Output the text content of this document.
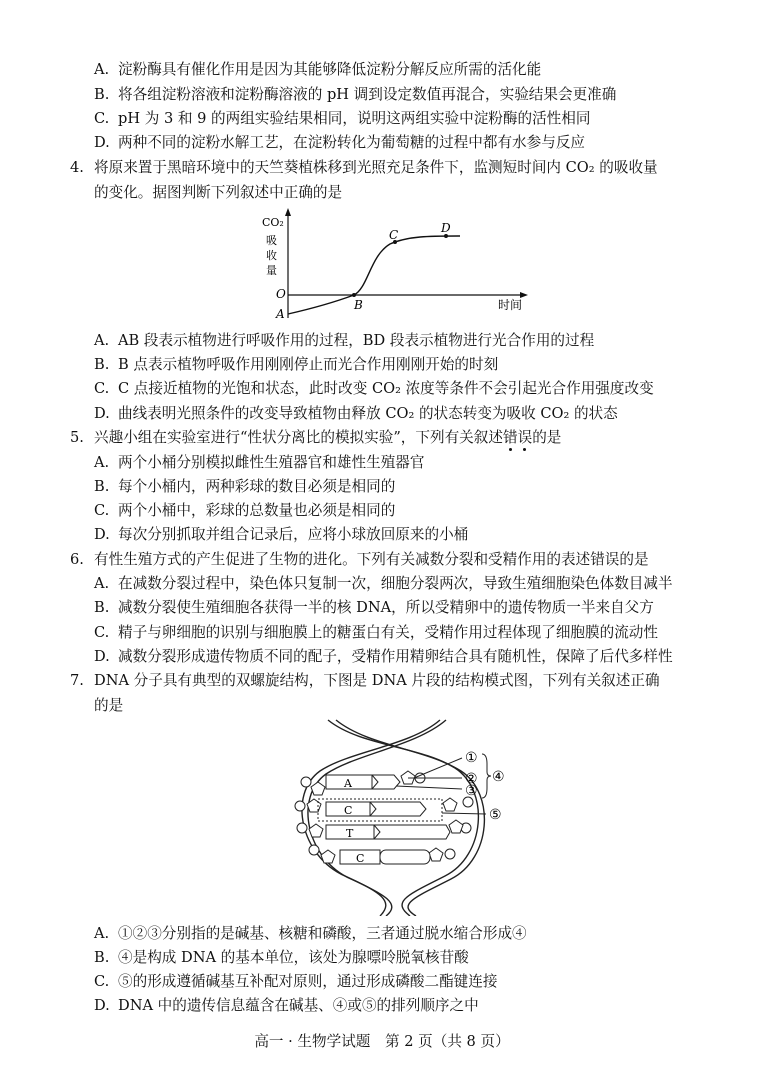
A. 淀粉酶具有催化作用是因为其能够降低淀粉分解反应所需的活化能
B. 将各组淀粉溶液和淀粉酶溶液的 pH 调到设定数值再混合，实验结果会更准确
C. pH 为 3 和 9 的两组实验结果相同，说明这两组实验中淀粉酶的活性相同
D. 两种不同的淀粉水解工艺，在淀粉转化为葡萄糖的过程中都有水参与反应
4. 将原来置于黑暗环境中的天竺葵植株移到光照充足条件下，监测短时间内 CO₂ 的吸收量
的变化。据图判断下列叙述中正确的是
CO₂
吸
收
量
O
时间
A
B
C	D
A. AB 段表示植物进行呼吸作用的过程，BD 段表示植物进行光合作用的过程
B. B 点表示植物呼吸作用刚刚停止而光合作用刚刚开始的时刻
C. C 点接近植物的光饱和状态，此时改变 CO₂ 浓度等条件不会引起光合作用强度改变
D. 曲线表明光照条件的改变导致植物由释放 CO₂ 的状态转变为吸收 CO₂ 的状态
5. 兴趣小组在实验室进行“性状分离比的模拟实验”，下列有关叙述错误的是
A. 两个小桶分别模拟雌性生殖器官和雄性生殖器官
B. 每个小桶内，两种彩球的数目必须是相同的
C. 两个小桶中，彩球的总数量也必须是相同的
D. 每次分别抓取并组合记录后，应将小球放回原来的小桶
6. 有性生殖方式的产生促进了生物的进化。下列有关减数分裂和受精作用的表述错误的是
A. 在减数分裂过程中，染色体只复制一次，细胞分裂两次，导致生殖细胞染色体数目减半
B. 减数分裂使生殖细胞各获得一半的核 DNA，所以受精卵中的遗传物质一半来自父方
C. 精子与卵细胞的识别与细胞膜上的糖蛋白有关，受精作用过程体现了细胞膜的流动性
D. 减数分裂形成遗传物质不同的配子，受精作用精卵结合具有随机性，保障了后代多样性
7. DNA 分子具有典型的双螺旋结构，下图是 DNA 片段的结构模式图，下列有关叙述正确
的是
A
C
T
C
①
②
③
④
⑤
A. ①②③分别指的是碱基、核糖和磷酸，三者通过脱水缩合形成④
B. ④是构成 DNA 的基本单位，该处为腺嘌呤脱氧核苷酸
C. ⑤的形成遵循碱基互补配对原则，通过形成磷酸二酯键连接
D. DNA 中的遗传信息蕴含在碱基、④或⑤的排列顺序之中
高一 · 生物学试题　第 2 页（共 8 页）
